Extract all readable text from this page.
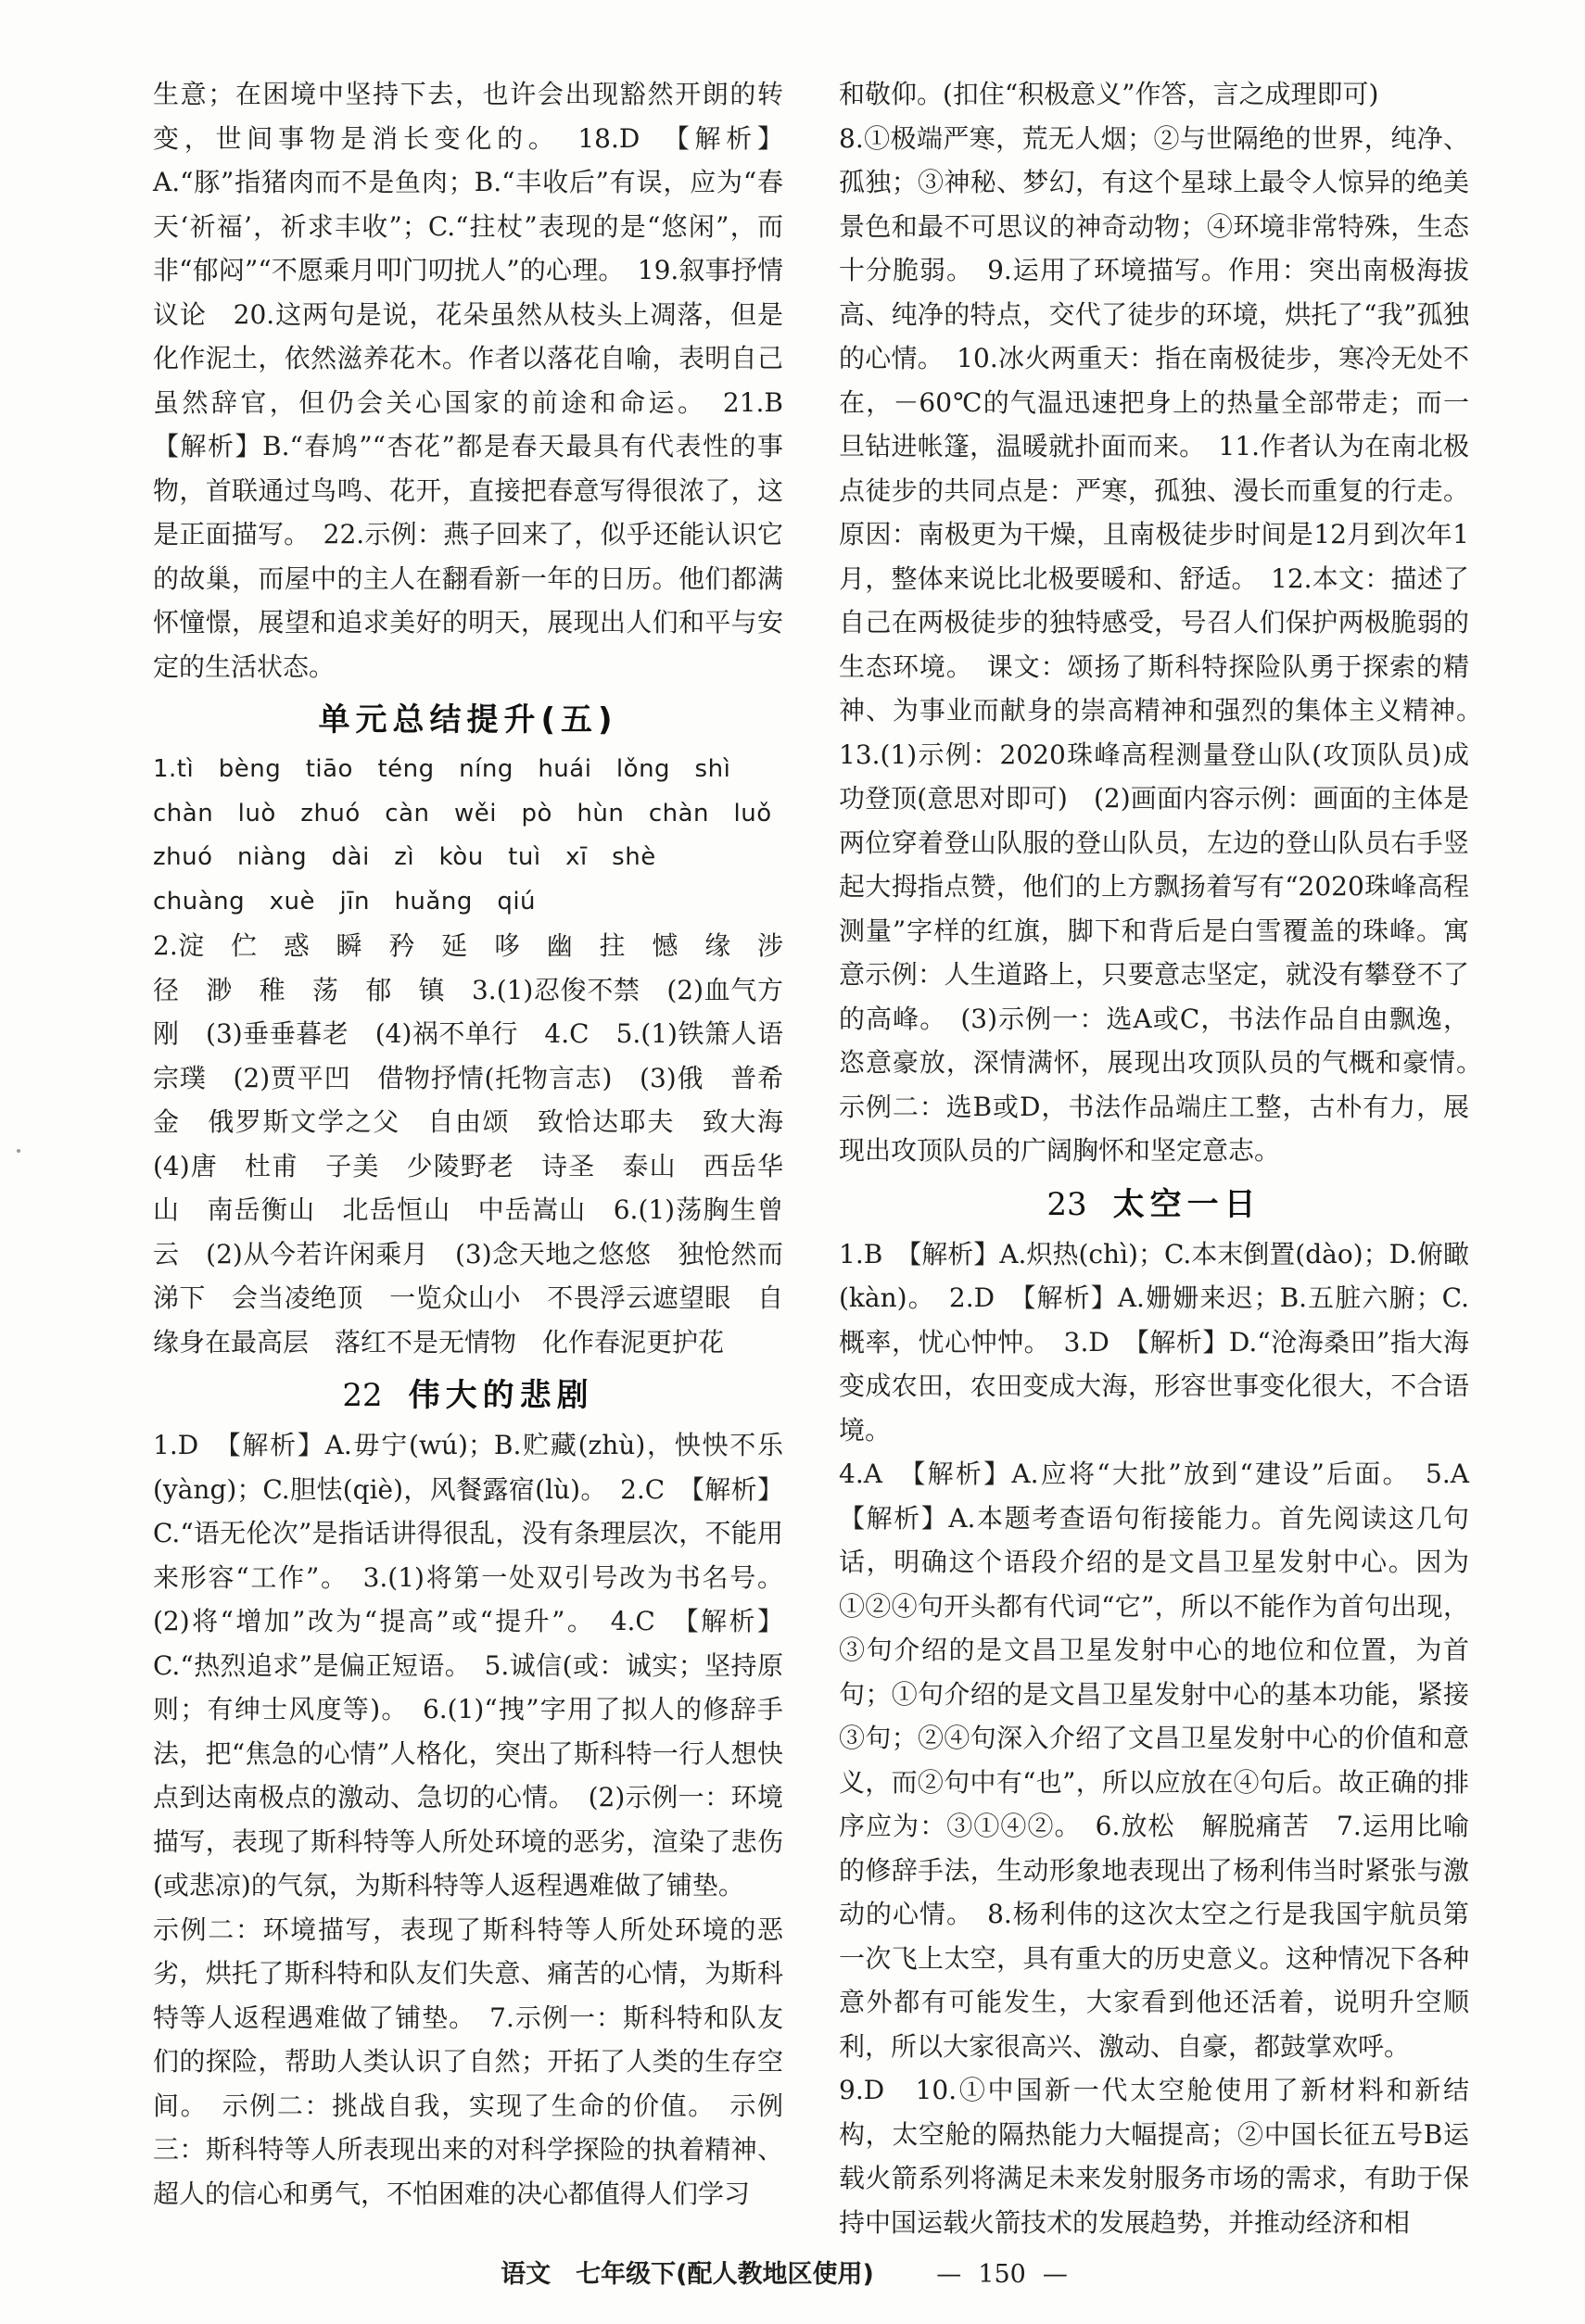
生意；在困境中坚持下去，也许会出现豁然开朗的转变，世间事物是消长变化的。　18.D　【解析】A.“豚”指猪肉而不是鱼肉；B.“丰收后”有误，应为“春天‘祈福’，祈求丰收”；C.“拄杖”表现的是“悠闲”，而非“郁闷”“不愿乘月叩门叨扰人”的心理。　19.叙事抒情议论　20.这两句是说，花朵虽然从枝头上凋落，但是化作泥土，依然滋养花木。作者以落花自喻，表明自己虽然辞官，但仍会关心国家的前途和命运。　21.B　【解析】B.“春鸠”“杏花”都是春天最具有代表性的事物，首联通过鸟鸣、花开，直接把春意写得很浓了，这是正面描写。　22.示例：燕子回来了，似乎还能认识它的故巢，而屋中的主人在翻看新一年的日历。他们都满怀憧憬，展望和追求美好的明天，展现出人们和平与安定的生活状态。

单元总结提升(五)
1.tì　bèng　tiāo　téng　níng　huái　lǒng　shì
chàn　luò　zhuó　càn　wěi　pò　hùn　chàn　luǒ
zhuó　niàng　dài　zì　kòu　tuì　xī　shè
chuàng　xuè　jīn　huǎng　qiú

2.淀　伫　惑　瞬　矜　延　哆　幽　拄　憾　缘　涉　径　渺　稚　荡　郁　镇　3.(1)忍俊不禁　(2)血气方刚　(3)垂垂暮老　(4)祸不单行　4.C　5.(1)铁箫人语　宗璞　(2)贾平凹　借物抒情(托物言志)　(3)俄　普希金　俄罗斯文学之父　自由颂　致恰达耶夫　致大海　(4)唐　杜甫　子美　少陵野老　诗圣　泰山　西岳华山　南岳衡山　北岳恒山　中岳嵩山　6.(1)荡胸生曾云　(2)从今若许闲乘月　(3)念天地之悠悠　独怆然而涕下　会当凌绝顶　一览众山小　不畏浮云遮望眼　自缘身在最高层　落红不是无情物　化作春泥更护花

22 伟大的悲剧

1.D　【解析】A.毋宁(wú)；B.贮藏(zhù)，怏怏不乐(yàng)；C.胆怯(qiè)，风餐露宿(lù)。　2.C　【解析】C.“语无伦次”是指话讲得很乱，没有条理层次，不能用来形容“工作”。　3.(1)将第一处双引号改为书名号。(2)将“增加”改为“提高”或“提升”。　4.C　【解析】C.“热烈追求”是偏正短语。　5.诚信(或：诚实；坚持原则；有绅士风度等)。　6.(1)“拽”字用了拟人的修辞手法，把“焦急的心情”人格化，突出了斯科特一行人想快点到达南极点的激动、急切的心情。　(2)示例一：环境描写，表现了斯科特等人所处环境的恶劣，渲染了悲伤(或悲凉)的气氛，为斯科特等人返程遇难做了铺垫。

示例二：环境描写，表现了斯科特等人所处环境的恶劣，烘托了斯科特和队友们失意、痛苦的心情，为斯科特等人返程遇难做了铺垫。　7.示例一：斯科特和队友们的探险，帮助人类认识了自然；开拓了人类的生存空间。　示例二：挑战自我，实现了生命的价值。　示例三：斯科特等人所表现出来的对科学探险的执着精神、超人的信心和勇气，不怕困难的决心都值得人们学习

和敬仰。(扣住“积极意义”作答，言之成理即可)

8.①极端严寒，荒无人烟；②与世隔绝的世界，纯净、孤独；③神秘、梦幻，有这个星球上最令人惊异的绝美景色和最不可思议的神奇动物；④环境非常特殊，生态十分脆弱。　9.运用了环境描写。作用：突出南极海拔高、纯净的特点，交代了徒步的环境，烘托了“我”孤独的心情。　10.冰火两重天：指在南极徒步，寒冷无处不在，－60℃的气温迅速把身上的热量全部带走；而一旦钻进帐篷，温暖就扑面而来。　11.作者认为在南北极点徒步的共同点是：严寒，孤独、漫长而重复的行走。原因：南极更为干燥，且南极徒步时间是12月到次年1月，整体来说比北极要暖和、舒适。　12.本文：描述了自己在两极徒步的独特感受，号召人们保护两极脆弱的生态环境。　课文：颂扬了斯科特探险队勇于探索的精神、为事业而献身的崇高精神和强烈的集体主义精神。　13.(1)示例：2020珠峰高程测量登山队(攻顶队员)成功登顶(意思对即可)　(2)画面内容示例：画面的主体是两位穿着登山队服的登山队员，左边的登山队员右手竖起大拇指点赞，他们的上方飘扬着写有“2020珠峰高程测量”字样的红旗，脚下和背后是白雪覆盖的珠峰。寓意示例：人生道路上，只要意志坚定，就没有攀登不了的高峰。　(3)示例一：选A或C，书法作品自由飘逸，恣意豪放，深情满怀，展现出攻顶队员的气概和豪情。　示例二：选B或D，书法作品端庄工整，古朴有力，展现出攻顶队员的广阔胸怀和坚定意志。

23 太空一日

1.B　【解析】A.炽热(chì)；C.本末倒置(dào)；D.俯瞰(kàn)。　2.D　【解析】A.姗姗来迟；B.五脏六腑；C.概率，忧心忡忡。　3.D　【解析】D.“沧海桑田”指大海变成农田，农田变成大海，形容世事变化很大，不合语境。

4.A　【解析】A.应将“大批”放到“建设”后面。　5.A　【解析】A.本题考查语句衔接能力。首先阅读这几句话，明确这个语段介绍的是文昌卫星发射中心。因为①②④句开头都有代词“它”，所以不能作为首句出现，③句介绍的是文昌卫星发射中心的地位和位置，为首句；①句介绍的是文昌卫星发射中心的基本功能，紧接③句；②④句深入介绍了文昌卫星发射中心的价值和意义，而②句中有“也”，所以应放在④句后。故正确的排序应为：③①④②。　6.放松　解脱痛苦　7.运用比喻的修辞手法，生动形象地表现出了杨利伟当时紧张与激动的心情。　8.杨利伟的这次太空之行是我国宇航员第一次飞上太空，具有重大的历史意义。这种情况下各种意外都有可能发生，大家看到他还活着，说明升空顺利，所以大家很高兴、激动、自豪，都鼓掌欢呼。

9.D　10.①中国新一代太空舱使用了新材料和新结构，太空舱的隔热能力大幅提高；②中国长征五号B运载火箭系列将满足未来发射服务市场的需求，有助于保持中国运载火箭技术的发展趋势，并推动经济和相

语文　七年级下(配人教地区使用) — 150 —
